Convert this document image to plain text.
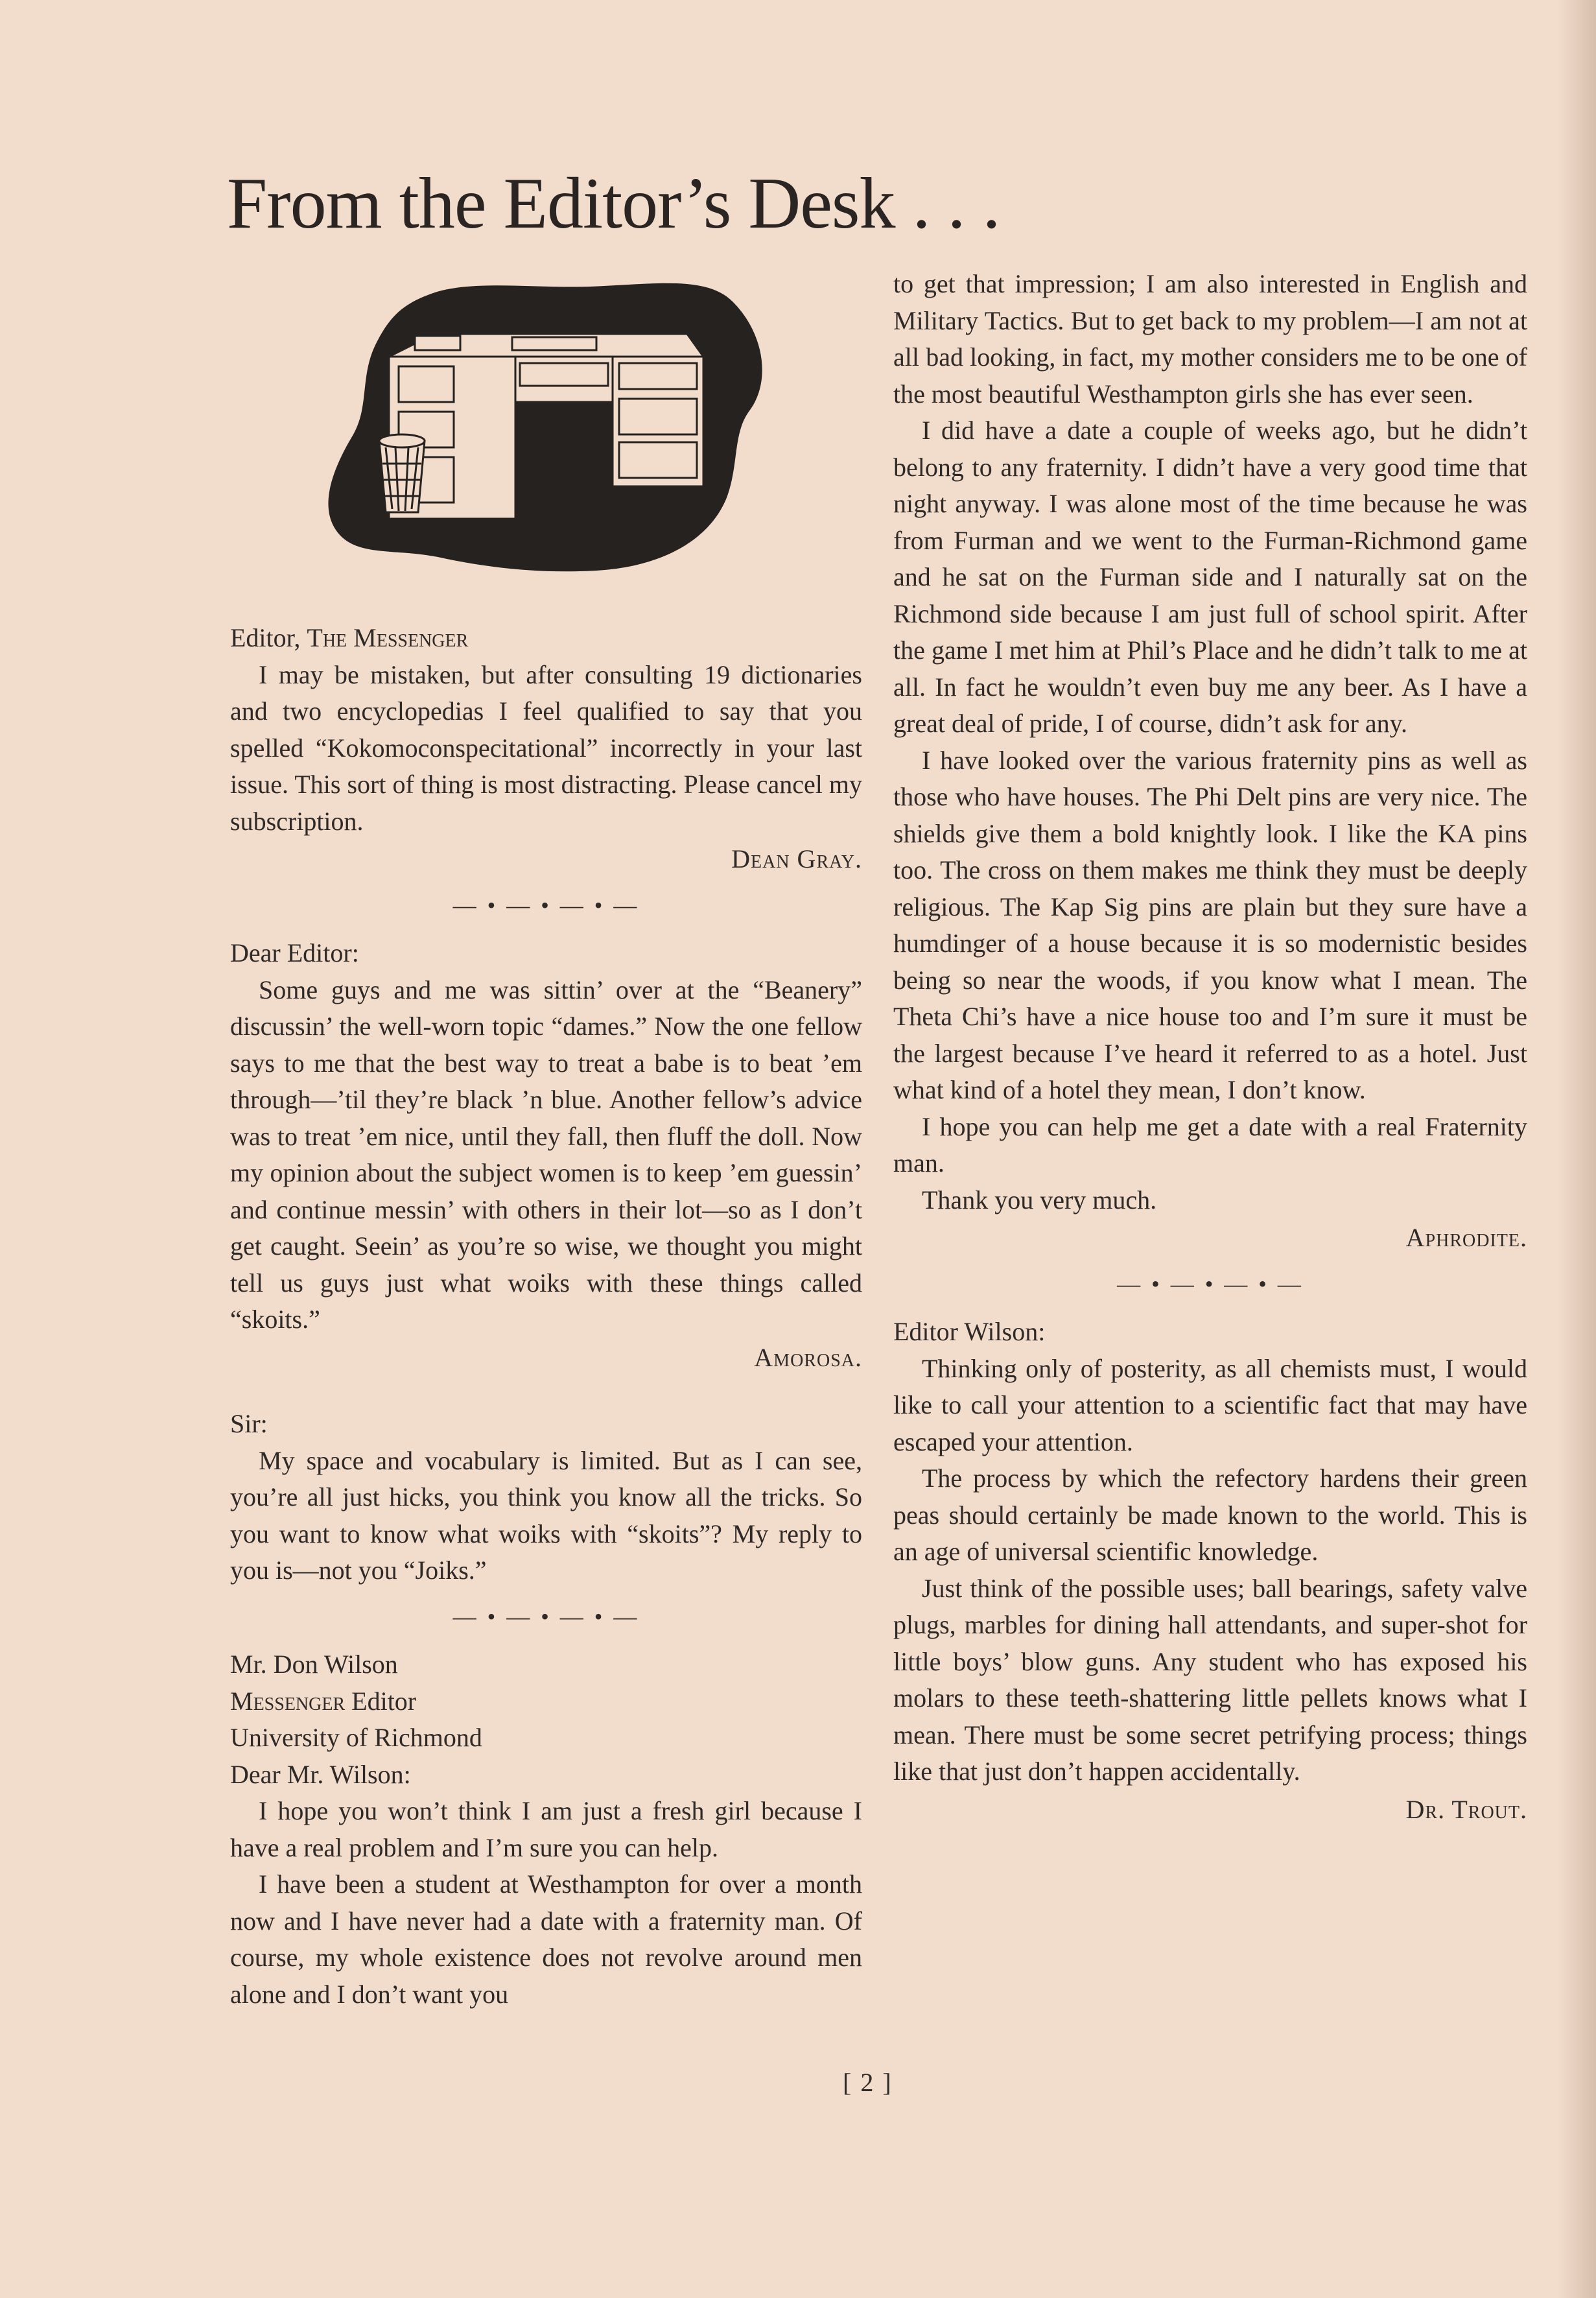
From the Editor’s Desk . . .

Editor, The Messenger

I may be mistaken, but after consulting 19 dictionaries and two encyclopedias I feel qualified to say that you spelled “Kokomoconspecitational” incorrectly in your last issue. This sort of thing is most distracting. Please cancel my subscription.

Dean Gray.

— • — • — • —

Dear Editor:

Some guys and me was sittin’ over at the “Beanery” discussin’ the well-worn topic “dames.” Now the one fellow says to me that the best way to treat a babe is to beat ’em through—’til they’re black ’n blue. Another fellow’s advice was to treat ’em nice, until they fall, then fluff the doll. Now my opinion about the subject women is to keep ’em guessin’ and continue messin’ with others in their lot—so as I don’t get caught. Seein’ as you’re so wise, we thought you might tell us guys just what woiks with these things called “skoits.”

Amorosa.

Sir:

My space and vocabulary is limited. But as I can see, you’re all just hicks, you think you know all the tricks. So you want to know what woiks with “skoits”? My reply to you is—not you “Joiks.”

— • — • — • —

Mr. Don Wilson

Messenger Editor

University of Richmond

Dear Mr. Wilson:

I hope you won’t think I am just a fresh girl because I have a real problem and I’m sure you can help.

I have been a student at Westhampton for over a month now and I have never had a date with a fraternity man. Of course, my whole existence does not revolve around men alone and I don’t want you

to get that impression; I am also interested in English and Military Tactics. But to get back to my problem—I am not at all bad looking, in fact, my mother considers me to be one of the most beautiful Westhampton girls she has ever seen.

I did have a date a couple of weeks ago, but he didn’t belong to any fraternity. I didn’t have a very good time that night anyway. I was alone most of the time because he was from Furman and we went to the Furman-Richmond game and he sat on the Furman side and I naturally sat on the Richmond side because I am just full of school spirit. After the game I met him at Phil’s Place and he didn’t talk to me at all. In fact he wouldn’t even buy me any beer. As I have a great deal of pride, I of course, didn’t ask for any.

I have looked over the various fraternity pins as well as those who have houses. The Phi Delt pins are very nice. The shields give them a bold knightly look. I like the KA pins too. The cross on them makes me think they must be deeply religious. The Kap Sig pins are plain but they sure have a humdinger of a house because it is so modernistic besides being so near the woods, if you know what I mean. The Theta Chi’s have a nice house too and I’m sure it must be the largest because I’ve heard it referred to as a hotel. Just what kind of a hotel they mean, I don’t know.

I hope you can help me get a date with a real Fraternity man.

Thank you very much.

Aphrodite.

— • — • — • —

Editor Wilson:

Thinking only of posterity, as all chemists must, I would like to call your attention to a scientific fact that may have escaped your attention.

The process by which the refectory hardens their green peas should certainly be made known to the world. This is an age of universal scientific knowledge.

Just think of the possible uses; ball bearings, safety valve plugs, marbles for dining hall attendants, and super-shot for little boys’ blow guns. Any student who has exposed his molars to these teeth-shattering little pellets knows what I mean. There must be some secret petrifying process; things like that just don’t happen accidentally.

Dr. Trout.

[ 2 ]
